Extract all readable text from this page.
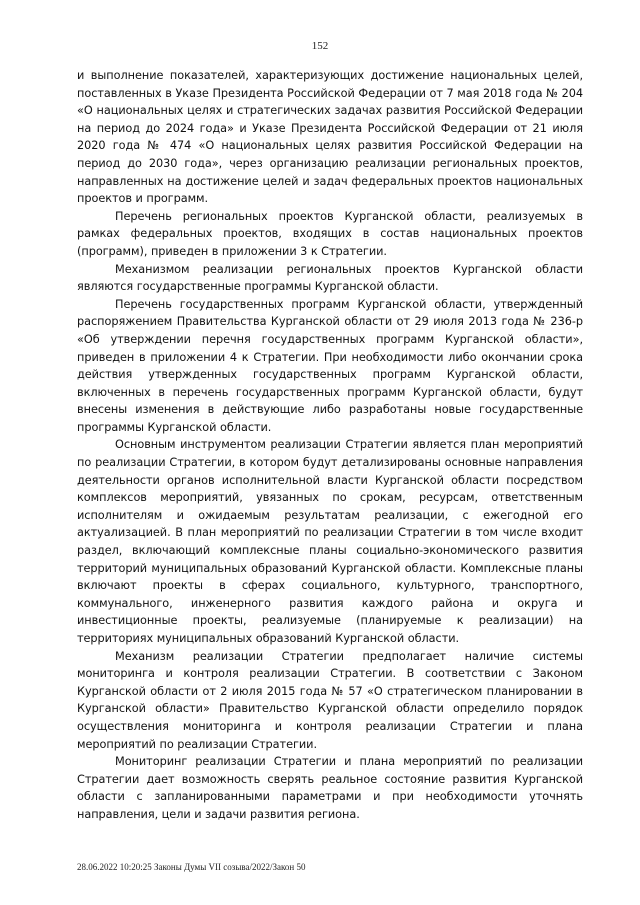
152

и выполнение показателей, характеризующих достижение национальных целей, поставленных в Указе Президента Российской Федерации от 7 мая 2018 года № 204 «О национальных целях и стратегических задачах развития Российской Федерации на период до 2024 года» и Указе Президента Российской Федерации от 21 июля 2020 года № 474 «О национальных целях развития Российской Федерации на период до 2030 года», через организацию реализации региональных проектов, направленных на достижение целей и задач федеральных проектов национальных проектов и программ.

Перечень региональных проектов Курганской области, реализуемых в рамках федеральных проектов, входящих в состав национальных проектов (программ), приведен в приложении 3 к Стратегии.

Механизмом реализации региональных проектов Курганской области являются государственные программы Курганской области.

Перечень государственных программ Курганской области, утвержденный распоряжением Правительства Курганской области от 29 июля 2013 года № 236-р «Об утверждении перечня государственных программ Курганской области», приведен в приложении 4 к Стратегии. При необходимости либо окончании срока действия утвержденных государственных программ Курганской области, включенных в перечень государственных программ Курганской области, будут внесены изменения в действующие либо разработаны новые государственные программы Курганской области.

Основным инструментом реализации Стратегии является план мероприятий по реализации Стратегии, в котором будут детализированы основные направления деятельности органов исполнительной власти Курганской области посредством комплексов мероприятий, увязанных по срокам, ресурсам, ответственным исполнителям и ожидаемым результатам реализации, с ежегодной его актуализацией. В план мероприятий по реализации Стратегии в том числе входит раздел, включающий комплексные планы социально-экономического развития территорий муниципальных образований Курганской области. Комплексные планы включают проекты в сферах социального, культурного, транспортного, коммунального, инженерного развития каждого района и округа и инвестиционные проекты, реализуемые (планируемые к реализации) на территориях муниципальных образований Курганской области.

Механизм реализации Стратегии предполагает наличие системы мониторинга и контроля реализации Стратегии. В соответствии с Законом Курганской области от 2 июля 2015 года № 57 «О стратегическом планировании в Курганской области» Правительство Курганской области определило порядок осуществления мониторинга и контроля реализации Стратегии и плана мероприятий по реализации Стратегии.

Мониторинг реализации Стратегии и плана мероприятий по реализации Стратегии дает возможность сверять реальное состояние развития Курганской области с запланированными параметрами и при необходимости уточнять направления, цели и задачи развития региона.

28.06.2022 10:20:25 Законы Думы VII созыва/2022/Закон 50
